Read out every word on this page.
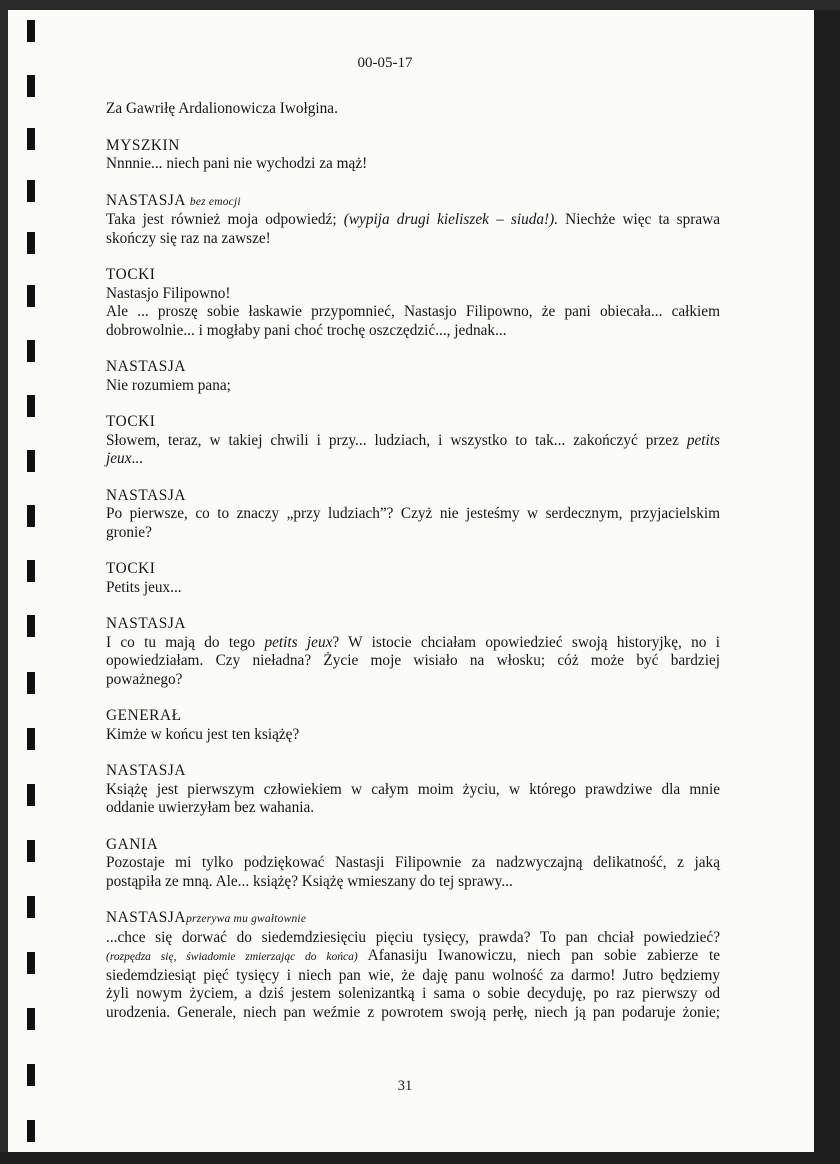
00-05-17
Za Gawriłę Ardalionowicza Iwołgina.
MYSZKIN
Nnnnie... niech pani nie wychodzi za mąż!
NASTASJA bez emocji
Taka jest również moja odpowiedź; (wypija drugi kieliszek – siuda!). Niechże więc ta sprawa
skończy się raz na zawsze!
TOCKI
Nastasjo Filipowno!
Ale ... proszę sobie łaskawie przypomnieć, Nastasjo Filipowno, że pani obiecała... całkiem
dobrowolnie... i mogłaby pani choć trochę oszczędzić..., jednak...
NASTASJA
Nie rozumiem pana;
TOCKI
Słowem, teraz, w takiej chwili i przy... ludziach, i wszystko to tak... zakończyć przez petits
jeux...
NASTASJA
Po pierwsze, co to znaczy „przy ludziach”? Czyż nie jesteśmy w serdecznym, przyjacielskim
gronie?
TOCKI
Petits jeux...
NASTASJA
I co tu mają do tego petits jeux? W istocie chciałam opowiedzieć swoją historyjkę, no i
opowiedziałam. Czy nieładna? Życie moje wisiało na włosku; cóż może być bardziej
poważnego?
GENERAŁ
Kimże w końcu jest ten książę?
NASTASJA
Książę jest pierwszym człowiekiem w całym moim życiu, w którego prawdziwe dla mnie
oddanie uwierzyłam bez wahania.
GANIA
Pozostaje mi tylko podziękować Nastasji Filipownie za nadzwyczajną delikatność, z jaką
postąpiła ze mną. Ale... książę? Książę wmieszany do tej sprawy...
NASTASJAprzerywa mu gwałtownie
...chce się dorwać do siedemdziesięciu pięciu tysięcy, prawda? To pan chciał powiedzieć?
(rozpędza się, świadomie zmierzając do końca) Afanasiju Iwanowiczu, niech pan sobie zabierze te
siedemdziesiąt pięć tysięcy i niech pan wie, że daję panu wolność za darmo! Jutro będziemy
żyli nowym życiem, a dziś jestem solenizantką i sama o sobie decyduję, po raz pierwszy od
urodzenia. Generale, niech pan weźmie z powrotem swoją perłę, niech ją pan podaruje żonie;
31
